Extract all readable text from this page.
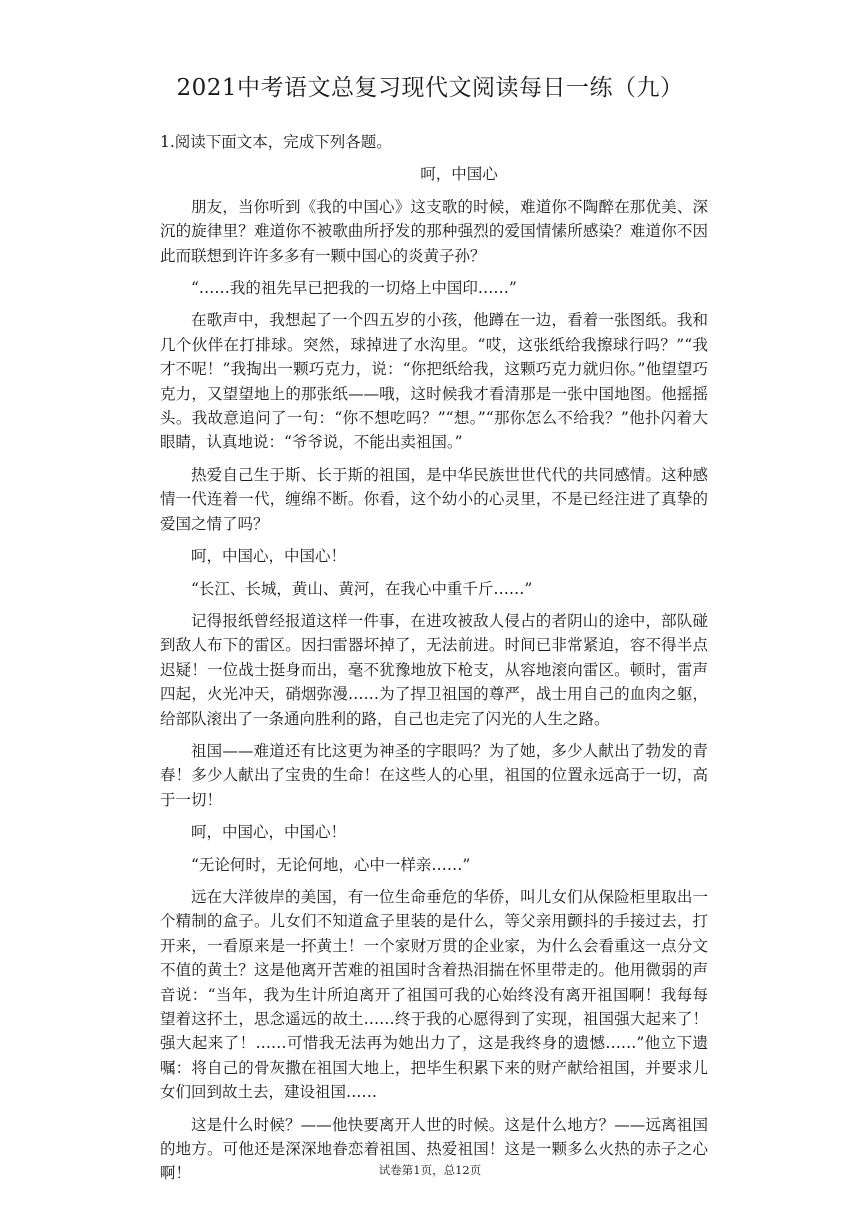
2021中考语文总复习现代文阅读每日一练（九）

1.阅读下面文本，完成下列各题。

呵，中国心

朋友，当你听到《我的中国心》这支歌的时候，难道你不陶醉在那优美、深沉的旋律里？难道你不被歌曲所抒发的那种强烈的爱国情愫所感染？难道你不因此而联想到许许多多有一颗中国心的炎黄子孙？

“……我的祖先早已把我的一切烙上中国印……”

在歌声中，我想起了一个四五岁的小孩，他蹲在一边，看着一张图纸。我和几个伙伴在打排球。突然，球掉进了水沟里。“哎，这张纸给我擦球行吗？”“我才不呢！”我掏出一颗巧克力，说：“你把纸给我，这颗巧克力就归你。”他望望巧克力，又望望地上的那张纸——哦，这时候我才看清那是一张中国地图。他摇摇头。我故意追问了一句：“你不想吃吗？”“想。”“那你怎么不给我？”他扑闪着大眼睛，认真地说：“爷爷说，不能出卖祖国。”

热爱自己生于斯、长于斯的祖国，是中华民族世世代代的共同感情。这种感情一代连着一代，缠绵不断。你看，这个幼小的心灵里，不是已经注进了真挚的爱国之情了吗？

呵，中国心，中国心！

“长江、长城，黄山、黄河，在我心中重千斤……”

记得报纸曾经报道这样一件事，在进攻被敌人侵占的者阴山的途中，部队碰到敌人布下的雷区。因扫雷器坏掉了，无法前进。时间已非常紧迫，容不得半点迟疑！一位战士挺身而出，毫不犹豫地放下枪支，从容地滚向雷区。顿时，雷声四起，火光冲天，硝烟弥漫……为了捍卫祖国的尊严，战士用自己的血肉之躯，给部队滚出了一条通向胜利的路，自己也走完了闪光的人生之路。

祖国——难道还有比这更为神圣的字眼吗？为了她，多少人献出了勃发的青春！多少人献出了宝贵的生命！在这些人的心里，祖国的位置永远高于一切，高于一切！

呵，中国心，中国心！

“无论何时，无论何地，心中一样亲……”

远在大洋彼岸的美国，有一位生命垂危的华侨，叫儿女们从保险柜里取出一个精制的盒子。儿女们不知道盒子里装的是什么，等父亲用颤抖的手接过去，打开来，一看原来是一抔黄土！一个家财万贯的企业家，为什么会看重这一点分文不值的黄土？这是他离开苦难的祖国时含着热泪揣在怀里带走的。他用微弱的声音说：“当年，我为生计所迫离开了祖国可我的心始终没有离开祖国啊！我每每望着这抔土，思念遥远的故土……终于我的心愿得到了实现，祖国强大起来了！强大起来了！……可惜我无法再为她出力了，这是我终身的遗憾……”他立下遗嘱：将自己的骨灰撒在祖国大地上，把毕生积累下来的财产献给祖国，并要求儿女们回到故土去，建设祖国……

这是什么时候？——他快要离开人世的时候。这是什么地方？——远离祖国的地方。可他还是深深地眷恋着祖国、热爱祖国！这是一颗多么火热的赤子之心啊！	试卷第1页，总12页
